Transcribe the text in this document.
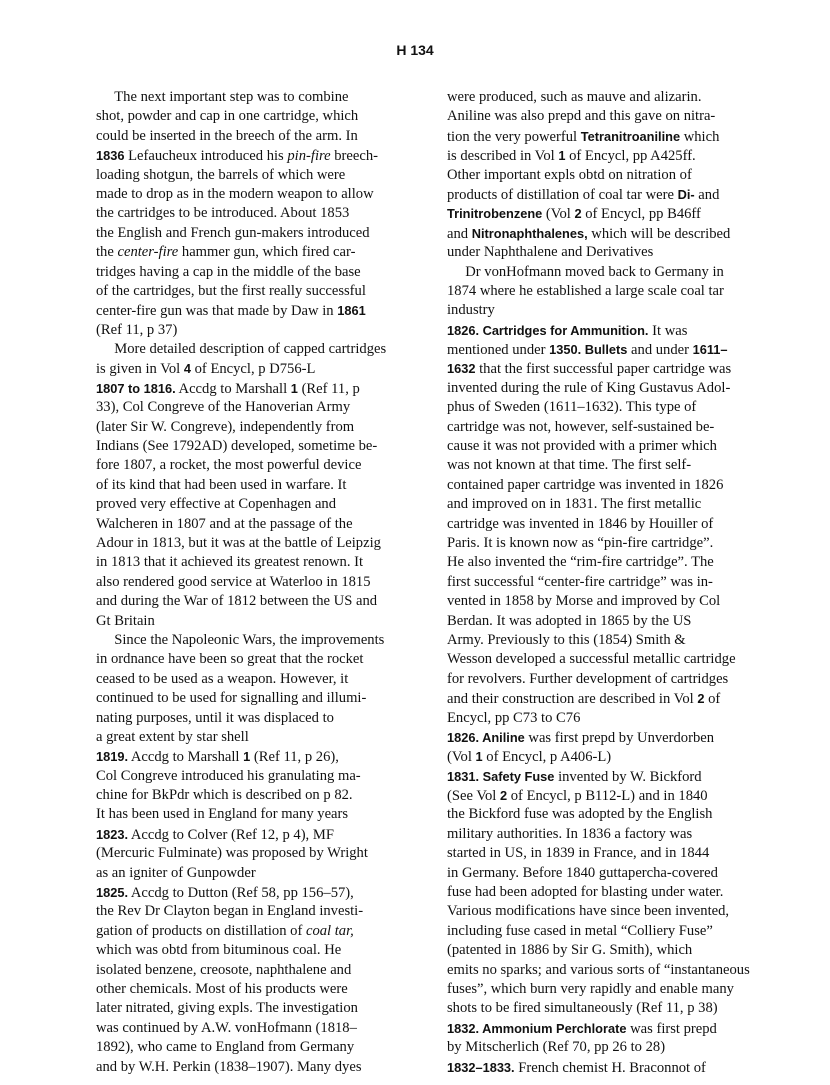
H 134
The next important step was to combine
shot, powder and cap in one cartridge, which
could be inserted in the breech of the arm. In
1836 Lefaucheux introduced his pin-fire breech-
loading shotgun, the barrels of which were
made to drop as in the modern weapon to allow
the cartridges to be introduced. About 1853
the English and French gun-makers introduced
the center-fire hammer gun, which fired car-
tridges having a cap in the middle of the base
of the cartridges, but the first really successful
center-fire gun was that made by Daw in 1861
(Ref 11, p 37)
More detailed description of capped cartridges
is given in Vol 4 of Encycl, p D756-L
1807 to 1816. Accdg to Marshall 1 (Ref 11, p
33), Col Congreve of the Hanoverian Army
(later Sir W. Congreve), independently from
Indians (See 1792AD) developed, sometime be-
fore 1807, a rocket, the most powerful device
of its kind that had been used in warfare. It
proved very effective at Copenhagen and
Walcheren in 1807 and at the passage of the
Adour in 1813, but it was at the battle of Leipzig
in 1813 that it achieved its greatest renown. It
also rendered good service at Waterloo in 1815
and during the War of 1812 between the US and
Gt Britain
Since the Napoleonic Wars, the improvements
in ordnance have been so great that the rocket
ceased to be used as a weapon. However, it
continued to be used for signalling and illumi-
nating purposes, until it was displaced to
a great extent by star shell
1819. Accdg to Marshall 1 (Ref 11, p 26),
Col Congreve introduced his granulating ma-
chine for BkPdr which is described on p 82.
It has been used in England for many years
1823. Accdg to Colver (Ref 12, p 4), MF
(Mercuric Fulminate) was proposed by Wright
as an igniter of Gunpowder
1825. Accdg to Dutton (Ref 58, pp 156–57),
the Rev Dr Clayton began in England investi-
gation of products on distillation of coal tar,
which was obtd from bituminous coal. He
isolated benzene, creosote, naphthalene and
other chemicals. Most of his products were
later nitrated, giving expls. The investigation
was continued by A.W. vonHofmann (1818–
1892), who came to England from Germany
and by W.H. Perkin (1838–1907). Many dyes
were produced, such as mauve and alizarin.
Aniline was also prepd and this gave on nitra-
tion the very powerful Tetranitroaniline which
is described in Vol 1 of Encycl, pp A425ff.
Other important expls obtd on nitration of
products of distillation of coal tar were Di- and
Trinitrobenzene (Vol 2 of Encycl, pp B46ff
and Nitronaphthalenes, which will be described
under Naphthalene and Derivatives
Dr vonHofmann moved back to Germany in
1874 where he established a large scale coal tar
industry
1826. Cartridges for Ammunition. It was
mentioned under 1350. Bullets and under 1611–
1632 that the first successful paper cartridge was
invented during the rule of King Gustavus Adol-
phus of Sweden (1611–1632). This type of
cartridge was not, however, self-sustained be-
cause it was not provided with a primer which
was not known at that time. The first self-
contained paper cartridge was invented in 1826
and improved on in 1831. The first metallic
cartridge was invented in 1846 by Houiller of
Paris. It is known now as “pin-fire cartridge”.
He also invented the “rim-fire cartridge”. The
first successful “center-fire cartridge” was in-
vented in 1858 by Morse and improved by Col
Berdan. It was adopted in 1865 by the US
Army. Previously to this (1854) Smith &
Wesson developed a successful metallic cartridge
for revolvers. Further development of cartridges
and their construction are described in Vol 2 of
Encycl, pp C73 to C76
1826. Aniline was first prepd by Unverdorben
(Vol 1 of Encycl, p A406-L)
1831. Safety Fuse invented by W. Bickford
(See Vol 2 of Encycl, p B112-L) and in 1840
the Bickford fuse was adopted by the English
military authorities. In 1836 a factory was
started in US, in 1839 in France, and in 1844
in Germany. Before 1840 guttapercha-covered
fuse had been adopted for blasting under water.
Various modifications have since been invented,
including fuse cased in metal “Colliery Fuse”
(patented in 1886 by Sir G. Smith), which
emits no sparks; and various sorts of “instantaneous
fuses”, which burn very rapidly and enable many
shots to be fired simultaneously (Ref 11, p 38)
1832. Ammonium Perchlorate was first prepd
by Mitscherlich (Ref 70, pp 26 to 28)
1832–1833. French chemist H. Braconnot of
